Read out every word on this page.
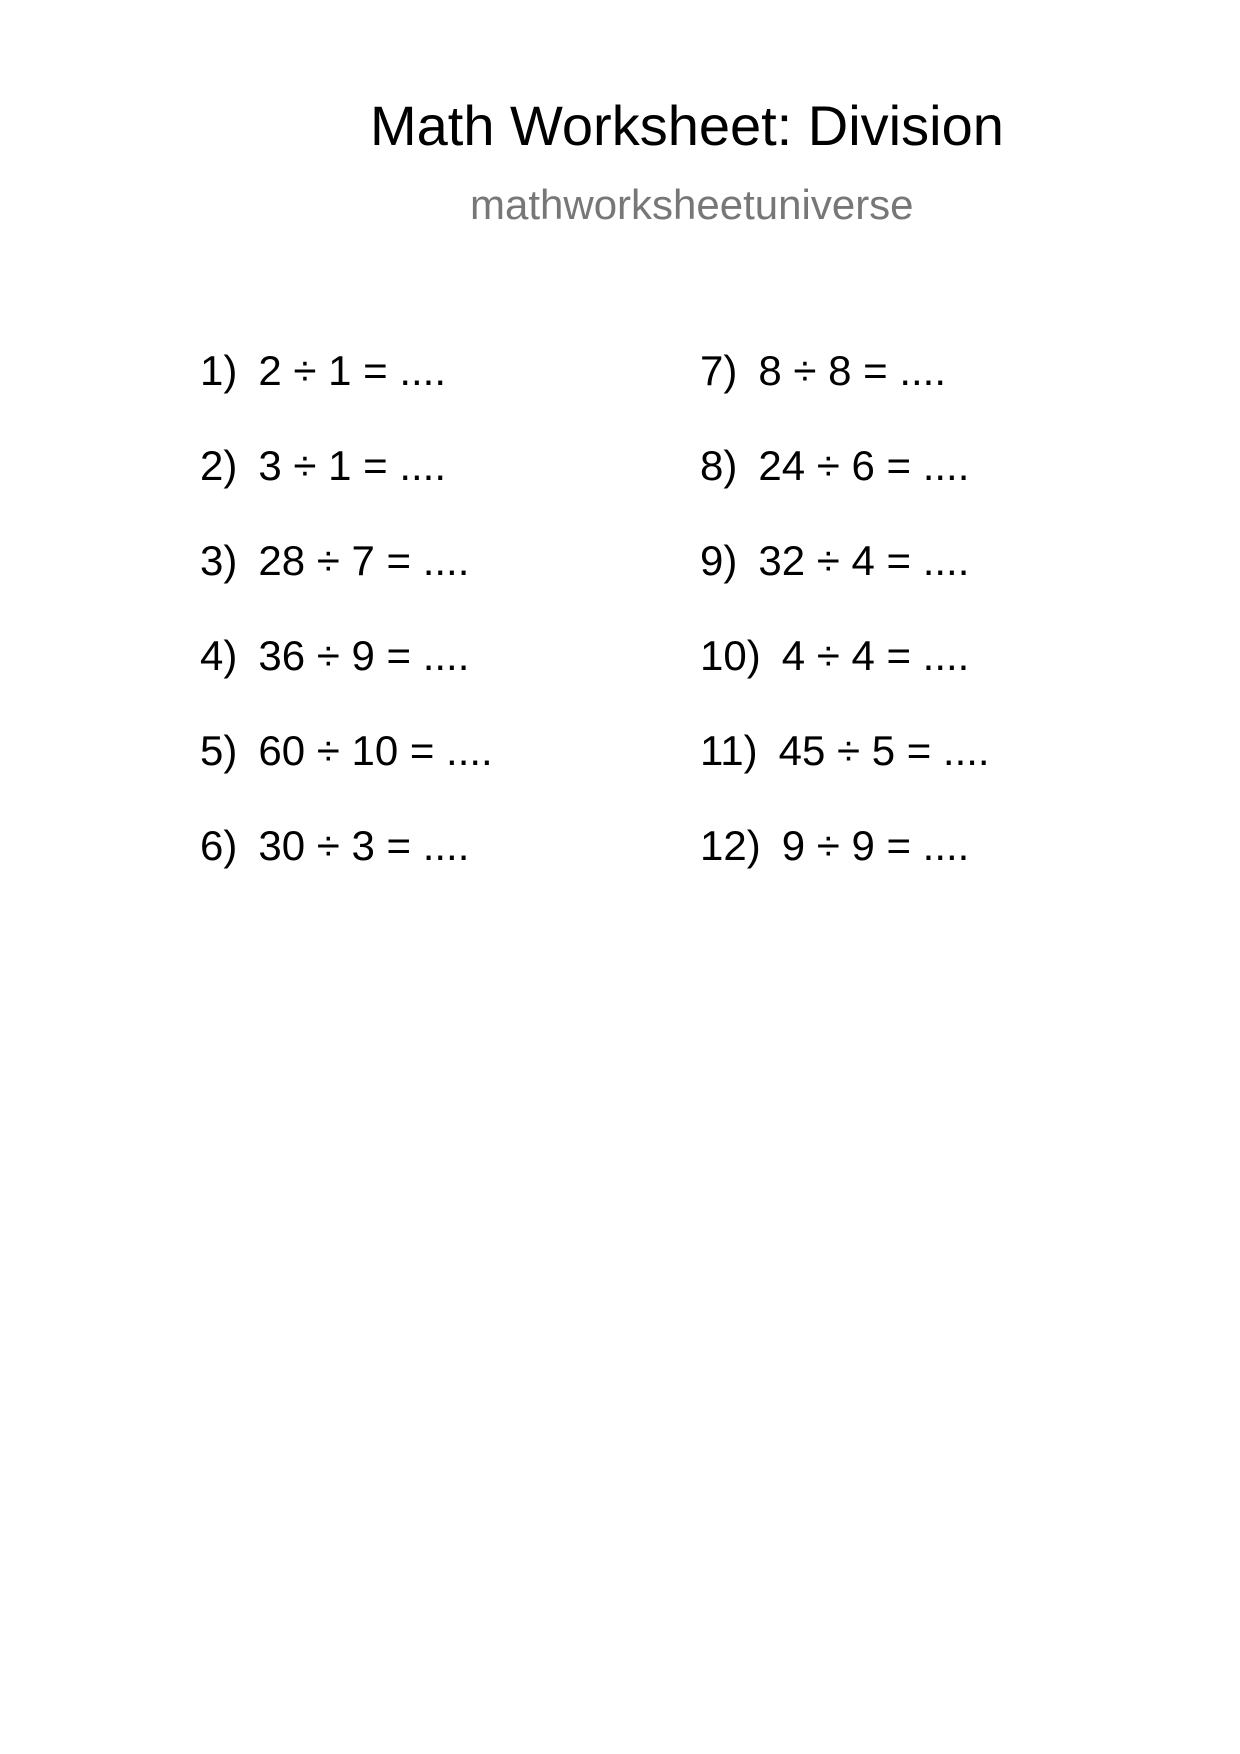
Math Worksheet: Division
mathworksheetuniverse
1) 2 ÷ 1 = ....
2) 3 ÷ 1 = ....
3) 28 ÷ 7 = ....
4) 36 ÷ 9 = ....
5) 60 ÷ 10 = ....
6) 30 ÷ 3 = ....
7) 8 ÷ 8 = ....
8) 24 ÷ 6 = ....
9) 32 ÷ 4 = ....
10) 4 ÷ 4 = ....
11) 45 ÷ 5 = ....
12) 9 ÷ 9 = ....
